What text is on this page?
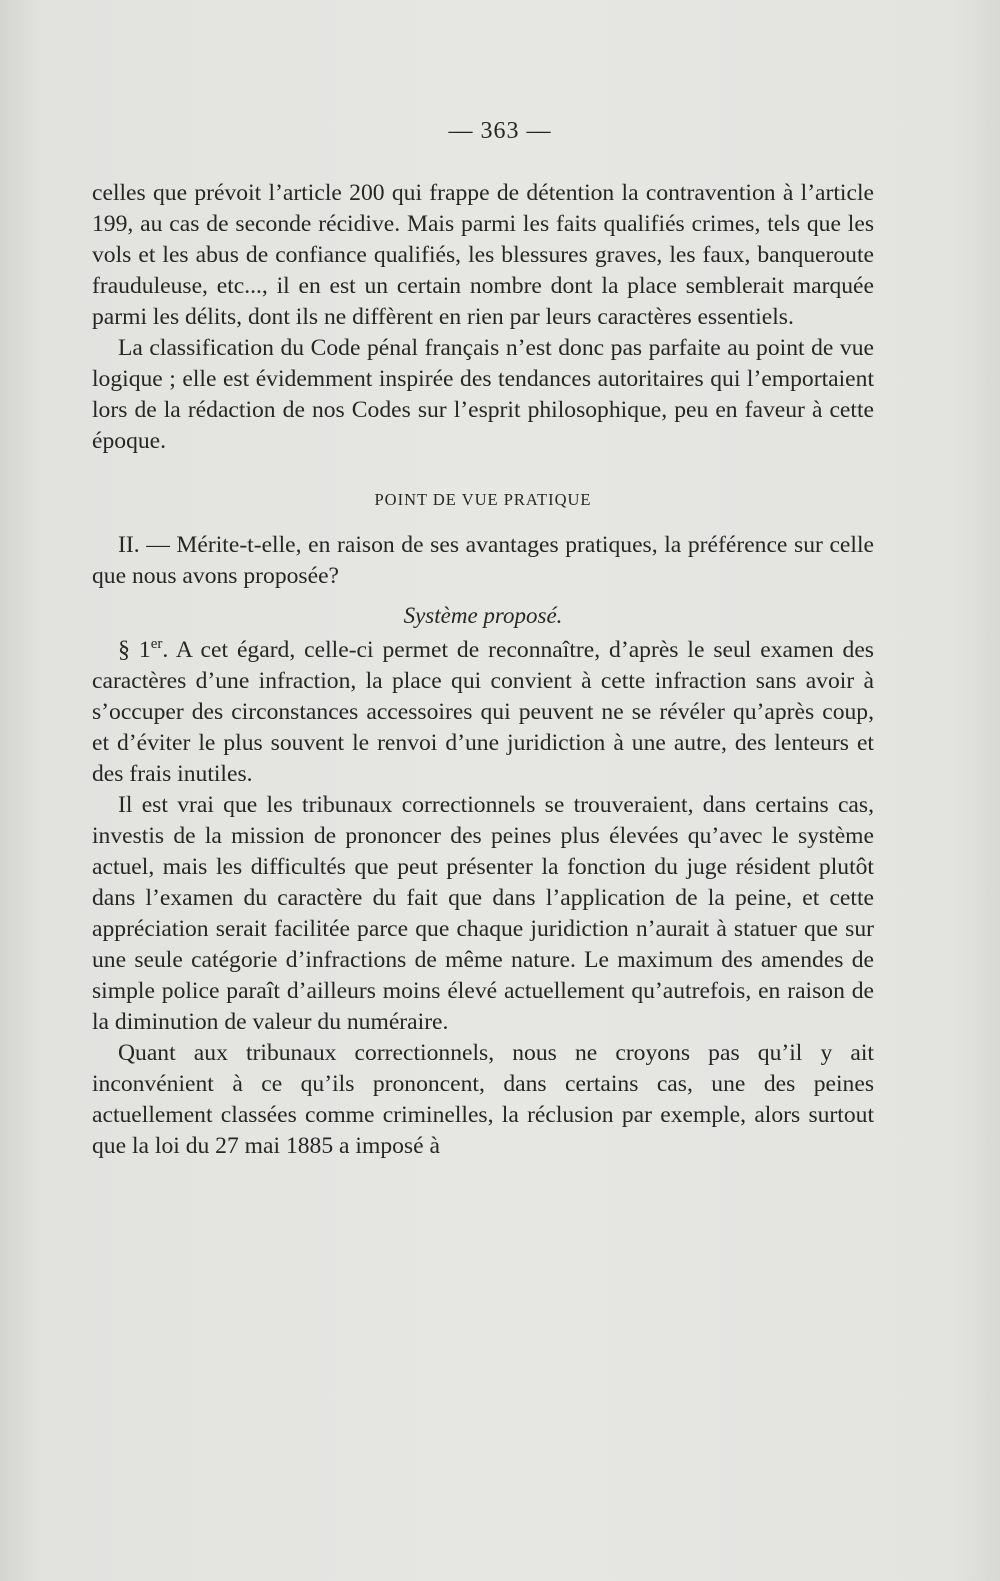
— 363 —

celles que prévoit l’article 200 qui frappe de détention la contravention à l’article 199, au cas de seconde récidive. Mais parmi les faits qualifiés crimes, tels que les vols et les abus de confiance qualifiés, les blessures graves, les faux, banqueroute frauduleuse, etc..., il en est un certain nombre dont la place semblerait marquée parmi les délits, dont ils ne diffèrent en rien par leurs caractères essentiels.

La classification du Code pénal français n’est donc pas parfaite au point de vue logique ; elle est évidemment inspirée des tendances autoritaires qui l’emportaient lors de la rédaction de nos Codes sur l’esprit philosophique, peu en faveur à cette époque.

POINT DE VUE PRATIQUE

II. — Mérite-t-elle, en raison de ses avantages pratiques, la préférence sur celle que nous avons proposée?

Système proposé.

§ 1er. A cet égard, celle-ci permet de reconnaître, d’après le seul examen des caractères d’une infraction, la place qui convient à cette infraction sans avoir à s’occuper des circonstances accessoires qui peuvent ne se révéler qu’après coup, et d’éviter le plus souvent le renvoi d’une juridiction à une autre, des lenteurs et des frais inutiles.

Il est vrai que les tribunaux correctionnels se trouveraient, dans certains cas, investis de la mission de prononcer des peines plus élevées qu’avec le système actuel, mais les difficultés que peut présenter la fonction du juge résident plutôt dans l’examen du caractère du fait que dans l’application de la peine, et cette appréciation serait facilitée parce que chaque juridiction n’aurait à statuer que sur une seule catégorie d’infractions de même nature. Le maximum des amendes de simple police paraît d’ailleurs moins élevé actuellement qu’autrefois, en raison de la diminution de valeur du numéraire.

Quant aux tribunaux correctionnels, nous ne croyons pas qu’il y ait inconvénient à ce qu’ils prononcent, dans certains cas, une des peines actuellement classées comme criminelles, la réclusion par exemple, alors surtout que la loi du 27 mai 1885 a imposé à
